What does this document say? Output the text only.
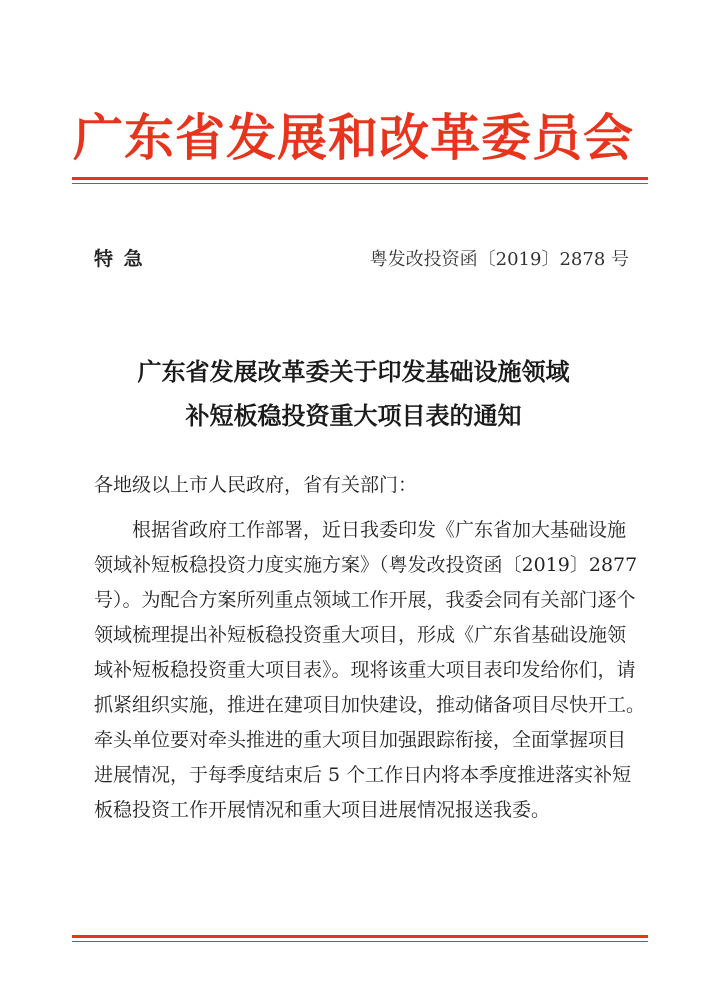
广东省发展和改革委员会
特 急	粤发改投资函〔2019〕2878 号
广东省发展改革委关于印发基础设施领域
补短板稳投资重大项目表的通知
各地级以上市人民政府，省有关部门：
根据省政府工作部署，近日我委印发《广东省加大基础设施
领域补短板稳投资力度实施方案》（粤发改投资函〔2019〕2877
号）。为配合方案所列重点领域工作开展，我委会同有关部门逐个
领域梳理提出补短板稳投资重大项目，形成《广东省基础设施领
域补短板稳投资重大项目表》。现将该重大项目表印发给你们，请
抓紧组织实施，推进在建项目加快建设，推动储备项目尽快开工。
牵头单位要对牵头推进的重大项目加强跟踪衔接，全面掌握项目
进展情况，于每季度结束后 5 个工作日内将本季度推进落实补短
板稳投资工作开展情况和重大项目进展情况报送我委。
